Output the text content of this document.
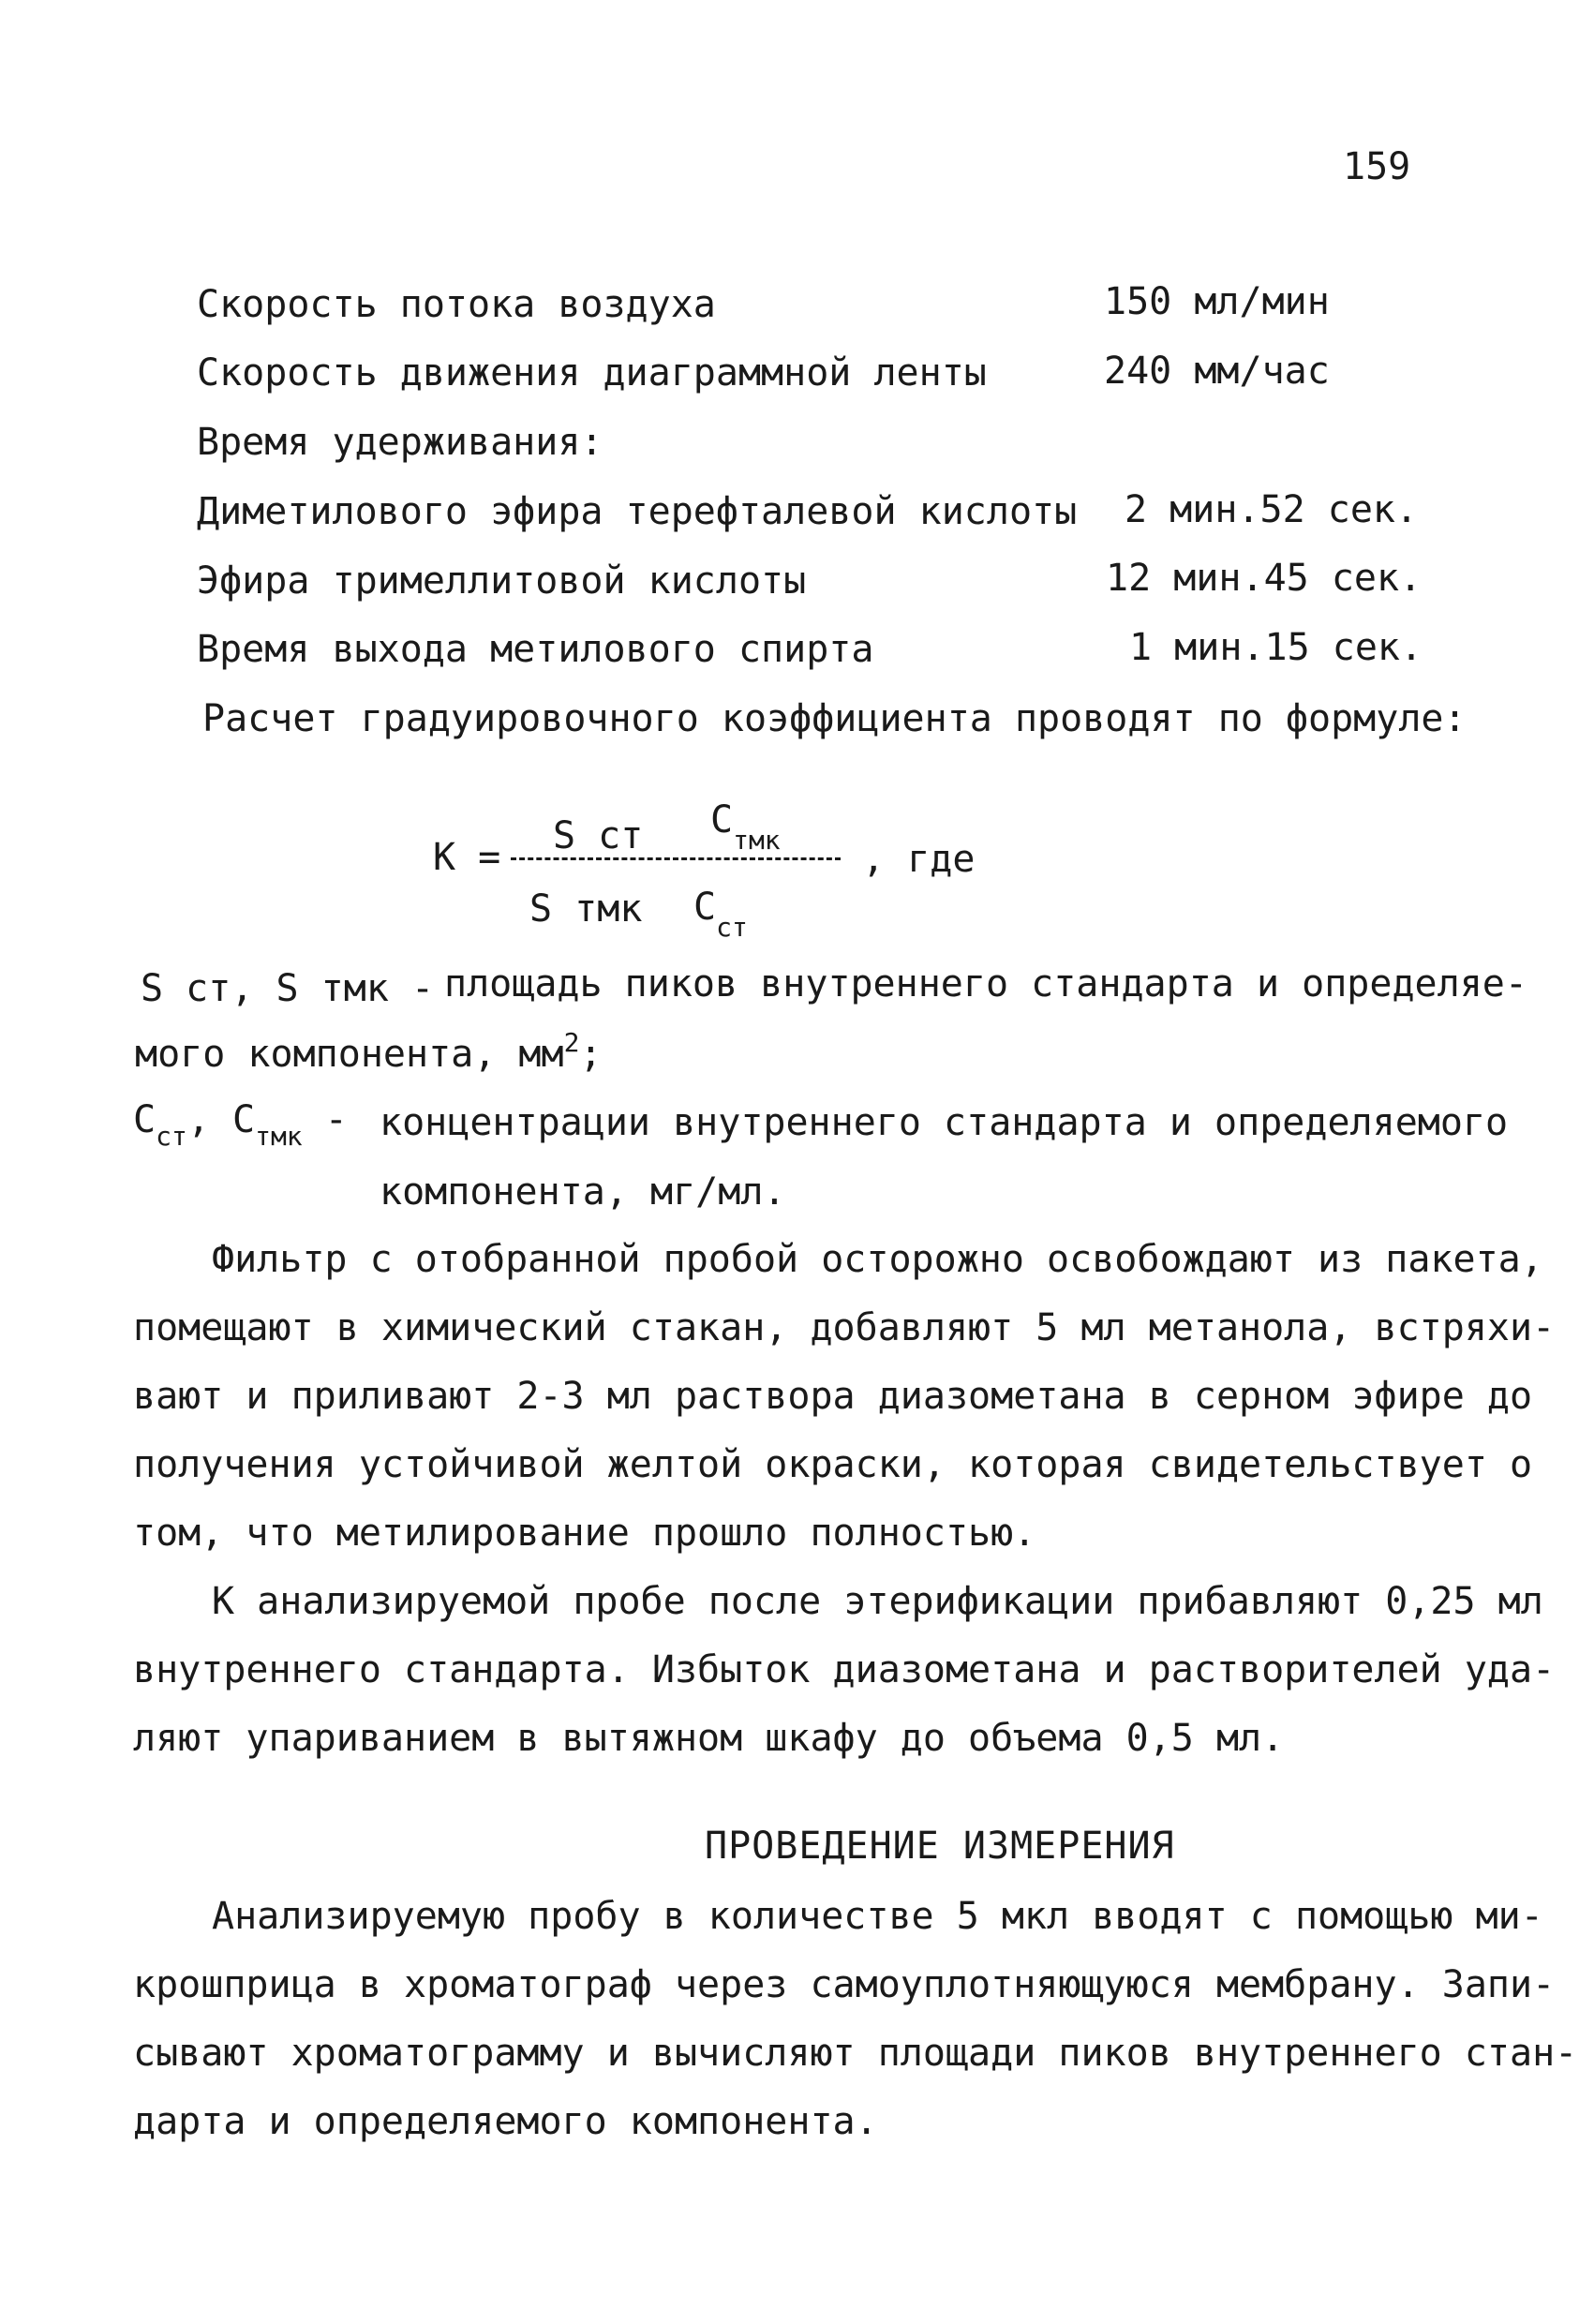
159
Скорость потока воздуха	150 мл/мин
Скорость движения диаграммной ленты	240 мм/час
Время удерживания:
Диметилового эфира терефталевой кислоты 2 мин.52 сек.
Эфира тримеллитовой кислоты	12 мин.45 сек.
Время выхода метилового спирта	1 мин.15 сек.
Расчет градуировочного коэффициента проводят по формуле:
K = S ст $C_{тмк}$ , где
S тмк $C_{ст}$
S ст, S тмк - площадь пиков внутреннего стандарта и определяе-
мого компонента, $мм^2$;
$C_{ст}$, $C_{тмк}$ - концентрации внутреннего стандарта и определяемого
компонента, мг/мл.
Фильтр с отобранной пробой осторожно освобождают из пакета,
помещают в химический стакан, добавляют 5 мл метанола, встряхи-
вают и приливают 2-3 мл раствора диазометана в серном эфире до
получения устойчивой желтой окраски, которая свидетельствует о
том, что метилирование прошло полностью.
К анализируемой пробе после этерификации прибавляют 0,25 мл
внутреннего стандарта. Избыток диазометана и растворителей уда-
ляют упариванием в вытяжном шкафу до объема 0,5 мл.
ПРОВЕДЕНИЕ ИЗМЕРЕНИЯ
Анализируемую пробу в количестве 5 мкл вводят с помощью ми-
крошприца в хроматограф через самоуплотняющуюся мембрану. Запи-
сывают хроматограмму и вычисляют площади пиков внутреннего стан-
дарта и определяемого компонента.
